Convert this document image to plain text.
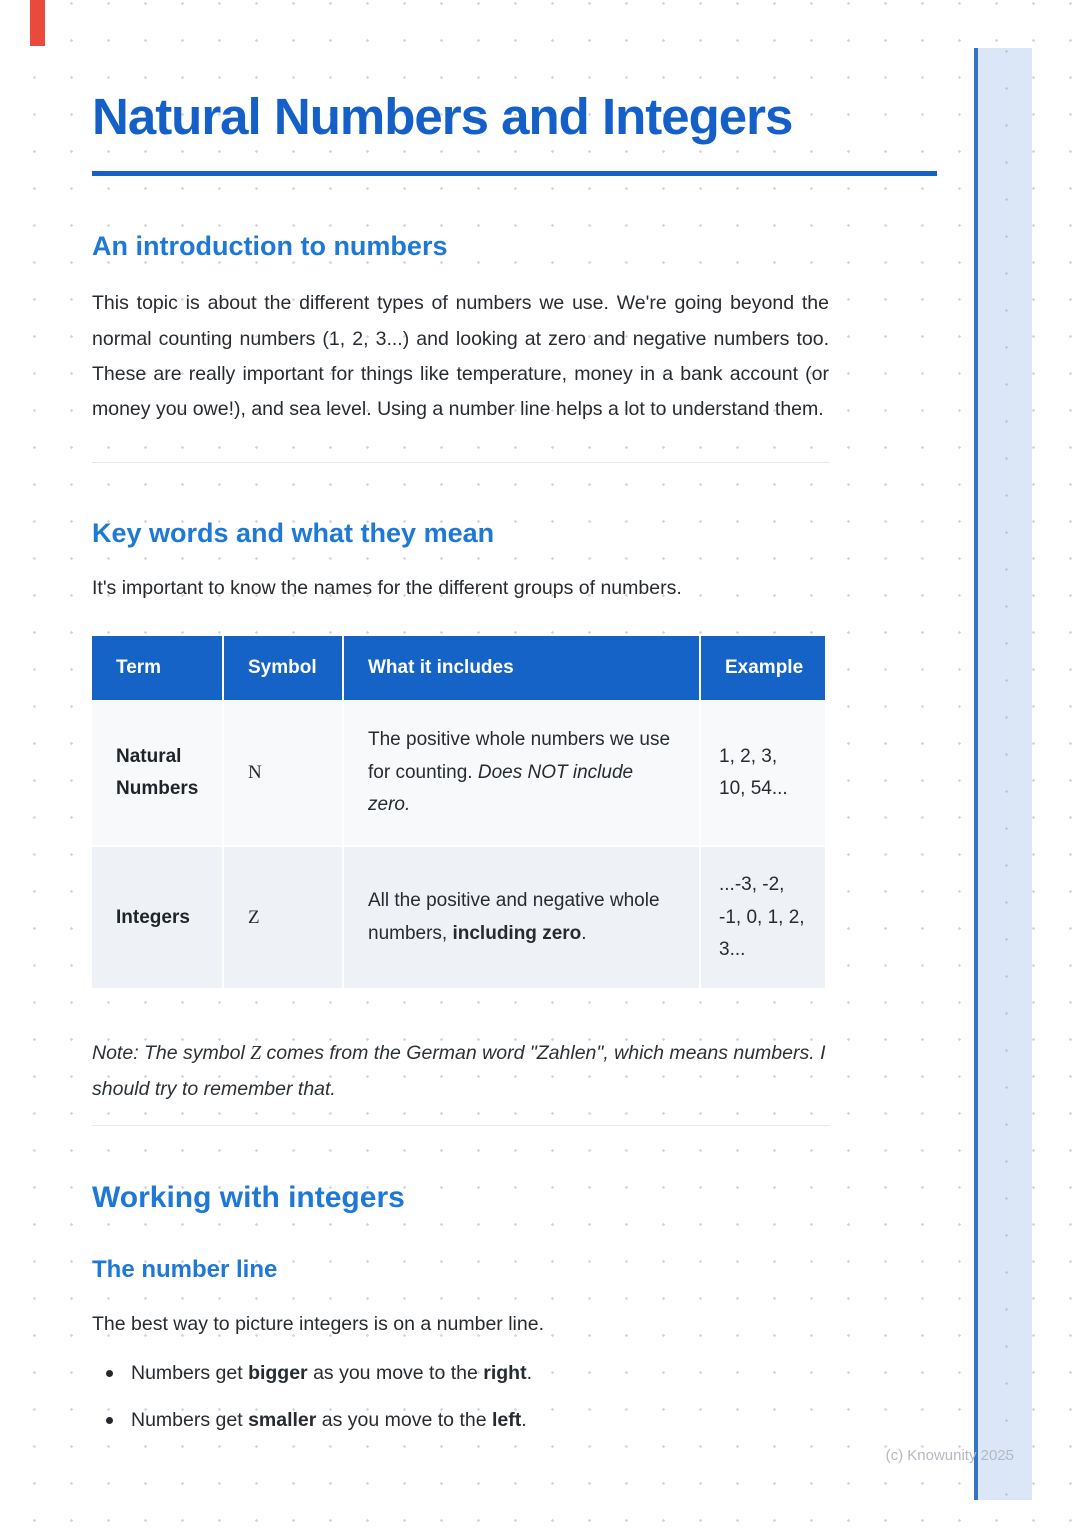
Natural Numbers and Integers
An introduction to numbers

This topic is about the different types of numbers we use. We're going beyond the normal counting numbers (1, 2, 3...) and looking at zero and negative numbers too. These are really important for things like temperature, money in a bank account (or money you owe!), and sea level. Using a number line helps a lot to understand them.

Key words and what they mean

It's important to know the names for the different groups of numbers.

Term	Symbol	What it includes	Example
Natural Numbers	N	The positive whole numbers we use for counting. Does NOT include zero.	1, 2, 3, 10, 54...
Integers	Z	All the positive and negative whole numbers, including zero.	...-3, -2, -1, 0, 1, 2, 3...

Note: The symbol Z comes from the German word "Zahlen", which means numbers. I should try to remember that.

Working with integers
The number line

The best way to picture integers is on a number line.

Numbers get bigger as you move to the right.
Numbers get smaller as you move to the left.
(c) Knowunity 2025
